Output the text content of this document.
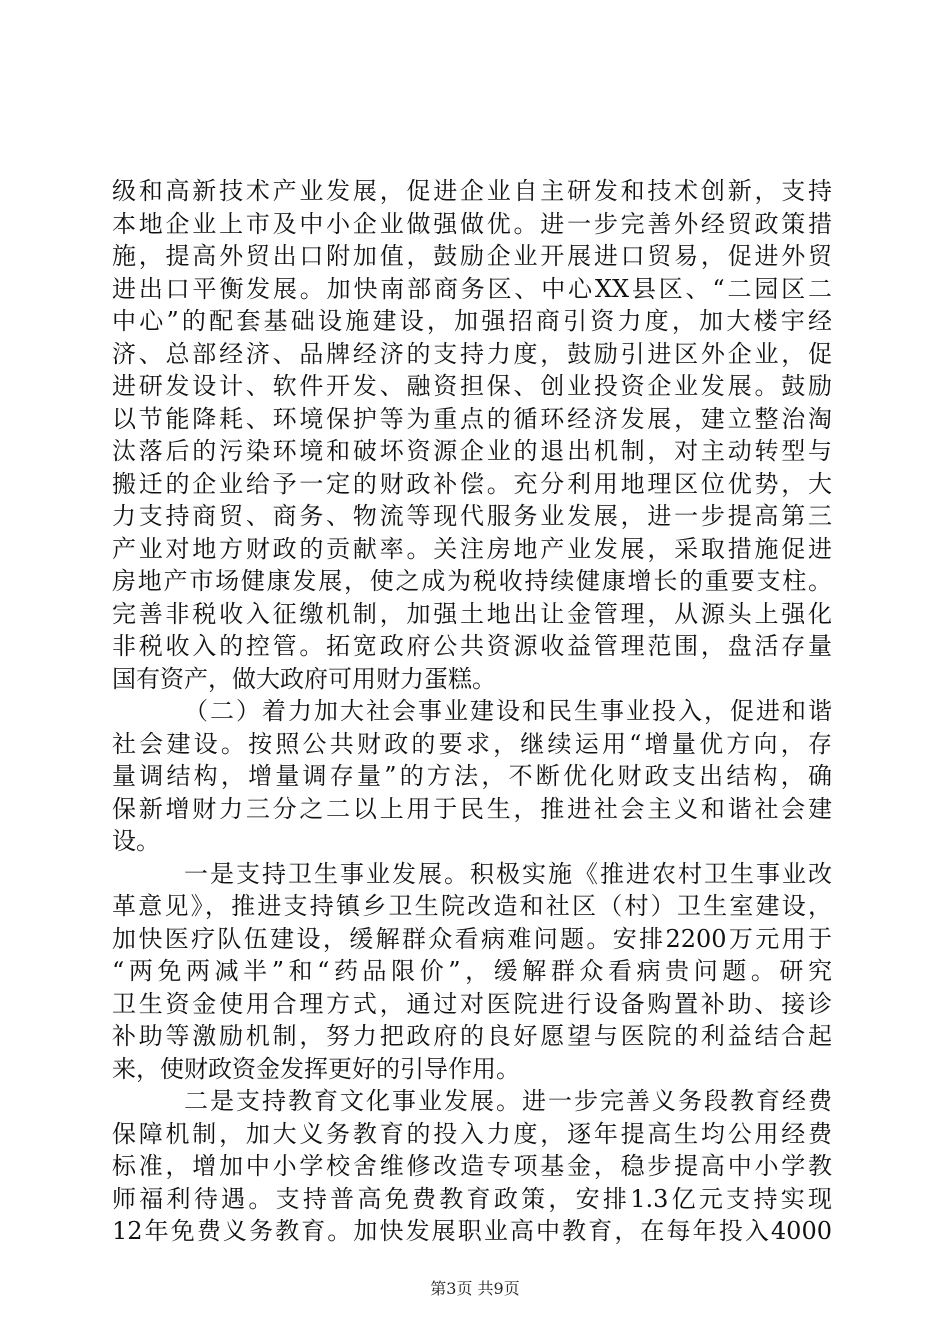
级和高新技术产业发展，促进企业自主研发和技术创新，支持
本地企业上市及中小企业做强做优。进一步完善外经贸政策措
施，提高外贸出口附加值，鼓励企业开展进口贸易，促进外贸
进出口平衡发展。加快南部商务区、中心XX县区、“二园区二
中心”的配套基础设施建设，加强招商引资力度，加大楼宇经
济、总部经济、品牌经济的支持力度，鼓励引进区外企业，促
进研发设计、软件开发、融资担保、创业投资企业发展。鼓励
以节能降耗、环境保护等为重点的循环经济发展，建立整治淘
汰落后的污染环境和破坏资源企业的退出机制，对主动转型与
搬迁的企业给予一定的财政补偿。充分利用地理区位优势，大
力支持商贸、商务、物流等现代服务业发展，进一步提高第三
产业对地方财政的贡献率。关注房地产业发展，采取措施促进
房地产市场健康发展，使之成为税收持续健康增长的重要支柱。
完善非税收入征缴机制，加强土地出让金管理，从源头上强化
非税收入的控管。拓宽政府公共资源收益管理范围，盘活存量
国有资产，做大政府可用财力蛋糕。
（二）着力加大社会事业建设和民生事业投入，促进和谐
社会建设。按照公共财政的要求，继续运用“增量优方向，存
量调结构，增量调存量”的方法，不断优化财政支出结构，确
保新增财力三分之二以上用于民生，推进社会主义和谐社会建
设。
一是支持卫生事业发展。积极实施《推进农村卫生事业改
革意见》，推进支持镇乡卫生院改造和社区（村）卫生室建设，
加快医疗队伍建设，缓解群众看病难问题。安排2200万元用于
“两免两减半”和“药品限价”，缓解群众看病贵问题。研究
卫生资金使用合理方式，通过对医院进行设备购置补助、接诊
补助等激励机制，努力把政府的良好愿望与医院的利益结合起
来，使财政资金发挥更好的引导作用。
二是支持教育文化事业发展。进一步完善义务段教育经费
保障机制，加大义务教育的投入力度，逐年提高生均公用经费
标准，增加中小学校舍维修改造专项基金，稳步提高中小学教
师福利待遇。支持普高免费教育政策，安排1.3亿元支持实现
12年免费义务教育。加快发展职业高中教育，在每年投入4000
第3页 共9页
